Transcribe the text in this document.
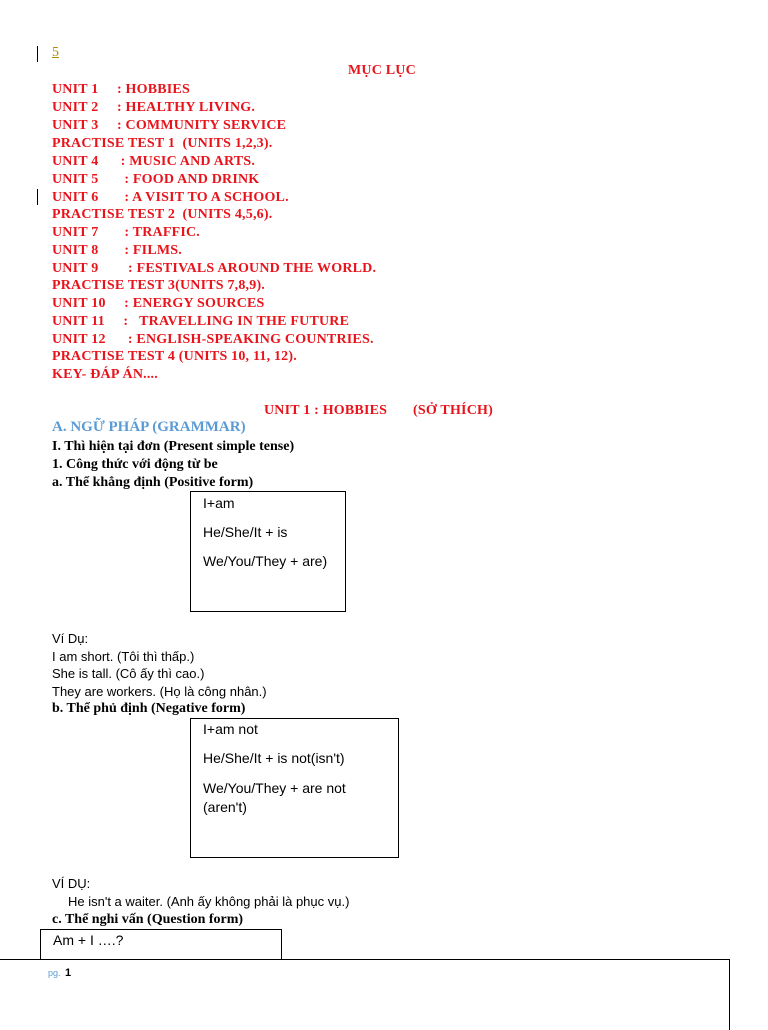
5
MỤC LỤC
UNIT 1     : HOBBIES
UNIT 2     : HEALTHY LIVING.
UNIT 3     : COMMUNITY SERVICE
PRACTISE TEST 1  (UNITS 1,2,3).
UNIT 4      : MUSIC AND ARTS.
UNIT 5       : FOOD AND DRINK
UNIT 6       : A VISIT TO A SCHOOL.
PRACTISE TEST 2  (UNITS 4,5,6).
UNIT 7       : TRAFFIC.
UNIT 8       : FILMS.
UNIT 9        : FESTIVALS AROUND THE WORLD.
PRACTISE TEST 3(UNITS 7,8,9).
UNIT 10     : ENERGY SOURCES
UNIT 11     :   TRAVELLING IN THE FUTURE
UNIT 12      : ENGLISH-SPEAKING COUNTRIES.
PRACTISE TEST 4 (UNITS 10, 11, 12).
KEY- ĐÁP ÁN....
UNIT 1 : HOBBIES       (SỞ THÍCH)
A. NGỮ PHÁP (GRAMMAR)
I. Thì hiện tại đơn (Present simple tense)
1. Công thức với động từ be
a. Thể khẳng định (Positive form)
I+am
He/She/It + is
We/You/They + are)
Ví Dụ:
I am short. (Tôi thì thấp.)
She is tall. (Cô ấy thì cao.)
They are workers. (Họ là công nhân.)
b. Thể phủ định (Negative form)
I+am not
He/She/It + is not(isn't)
We/You/They + are not
(aren't)
VÍ DỤ:
He isn't a waiter. (Anh ấy không phải là phục vụ.)
c. Thể nghi vấn (Question form)
Am + I ….?
pg. 1
